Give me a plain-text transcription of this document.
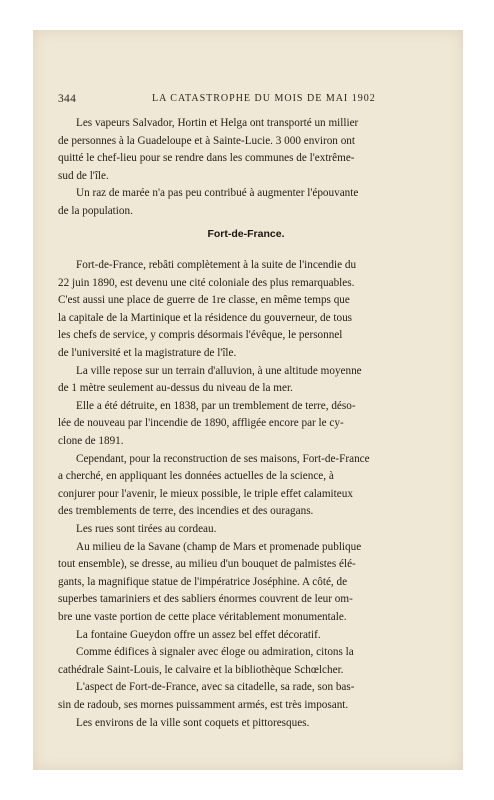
344	LA CATASTROPHE DU MOIS DE MAI 1902
Les vapeurs Salvador, Hortin et Helga ont transporté un millier
de personnes à la Guadeloupe et à Sainte-Lucie. 3 000 environ ont
quitté le chef-lieu pour se rendre dans les communes de l'extrême-
sud de l'île.
Un raz de marée n'a pas peu contribué à augmenter l'épouvante
de la population.
Fort-de-France.
Fort-de-France, rebâti complètement à la suite de l'incendie du
22 juin 1890, est devenu une cité coloniale des plus remarquables.
C'est aussi une place de guerre de 1re classe, en même temps que
la capitale de la Martinique et la résidence du gouverneur, de tous
les chefs de service, y compris désormais l'évêque, le personnel
de l'université et la magistrature de l'île.
La ville repose sur un terrain d'alluvion, à une altitude moyenne
de 1 mètre seulement au-dessus du niveau de la mer.
Elle a été détruite, en 1838, par un tremblement de terre, déso-
lée de nouveau par l'incendie de 1890, affligée encore par le cy-
clone de 1891.
Cependant, pour la reconstruction de ses maisons, Fort-de-France
a cherché, en appliquant les données actuelles de la science, à
conjurer pour l'avenir, le mieux possible, le triple effet calamiteux
des tremblements de terre, des incendies et des ouragans.
Les rues sont tirées au cordeau.
Au milieu de la Savane (champ de Mars et promenade publique
tout ensemble), se dresse, au milieu d'un bouquet de palmistes élé-
gants, la magnifique statue de l'impératrice Joséphine. A côté, de
superbes tamariniers et des sabliers énormes couvrent de leur om-
bre une vaste portion de cette place véritablement monumentale.
La fontaine Gueydon offre un assez bel effet décoratif.
Comme édifices à signaler avec éloge ou admiration, citons la
cathédrale Saint-Louis, le calvaire et la bibliothèque Schœlcher.
L'aspect de Fort-de-France, avec sa citadelle, sa rade, son bas-
sin de radoub, ses mornes puissamment armés, est très imposant.
Les environs de la ville sont coquets et pittoresques.
